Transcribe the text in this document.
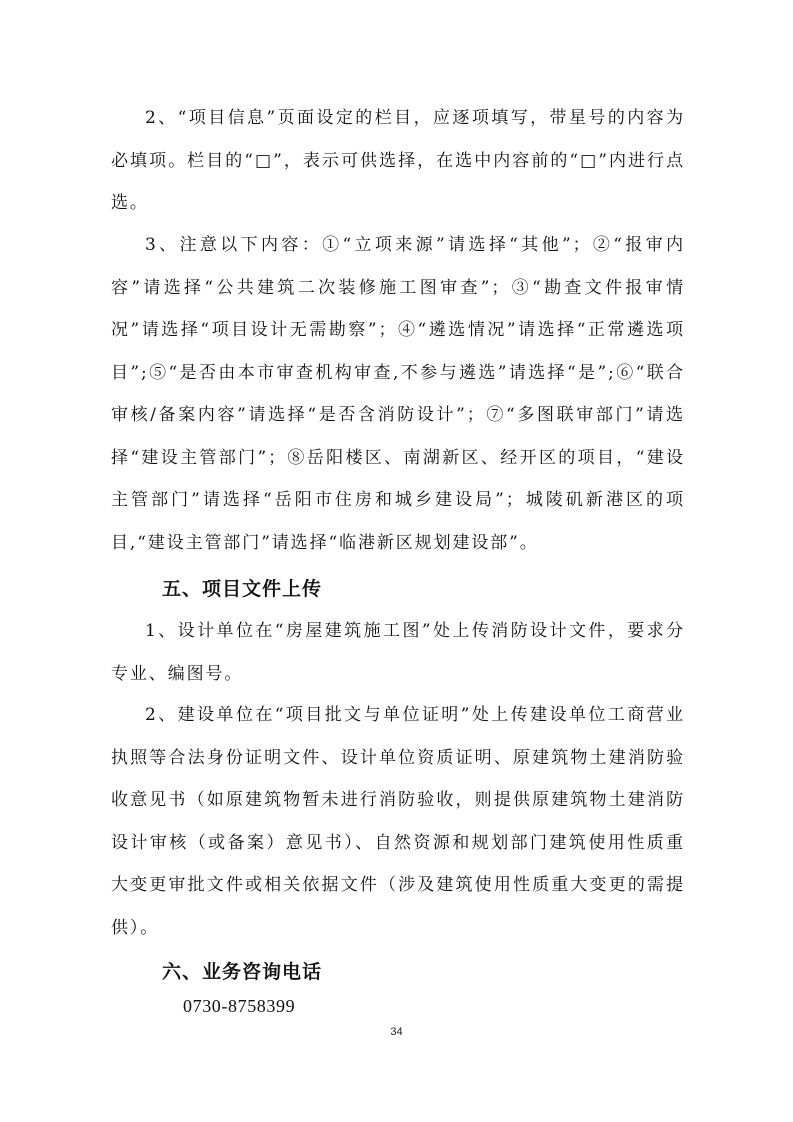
2、“项目信息”页面设定的栏目，应逐项填写，带星号的内容为必填项。栏目的“□”，表示可供选择，在选中内容前的“□”内进行点选。

3、注意以下内容：①“立项来源”请选择“其他”；②“报审内容”请选择“公共建筑二次装修施工图审查”；③“勘查文件报审情况”请选择“项目设计无需勘察”；④“遴选情况”请选择“正常遴选项目”;⑤“是否由本市审查机构审查,不参与遴选”请选择“是”;⑥“联合审核/备案内容”请选择“是否含消防设计”；⑦“多图联审部门”请选择“建设主管部门”；⑧岳阳楼区、南湖新区、经开区的项目，“建设主管部门”请选择“岳阳市住房和城乡建设局”；城陵矶新港区的项目,“建设主管部门”请选择“临港新区规划建设部”。

五、项目文件上传

1、设计单位在“房屋建筑施工图”处上传消防设计文件，要求分专业、编图号。

2、建设单位在“项目批文与单位证明”处上传建设单位工商营业执照等合法身份证明文件、设计单位资质证明、原建筑物土建消防验收意见书（如原建筑物暂未进行消防验收，则提供原建筑物土建消防设计审核（或备案）意见书）、自然资源和规划部门建筑使用性质重大变更审批文件或相关依据文件（涉及建筑使用性质重大变更的需提供）。

六、业务咨询电话

0730-8758399

34
